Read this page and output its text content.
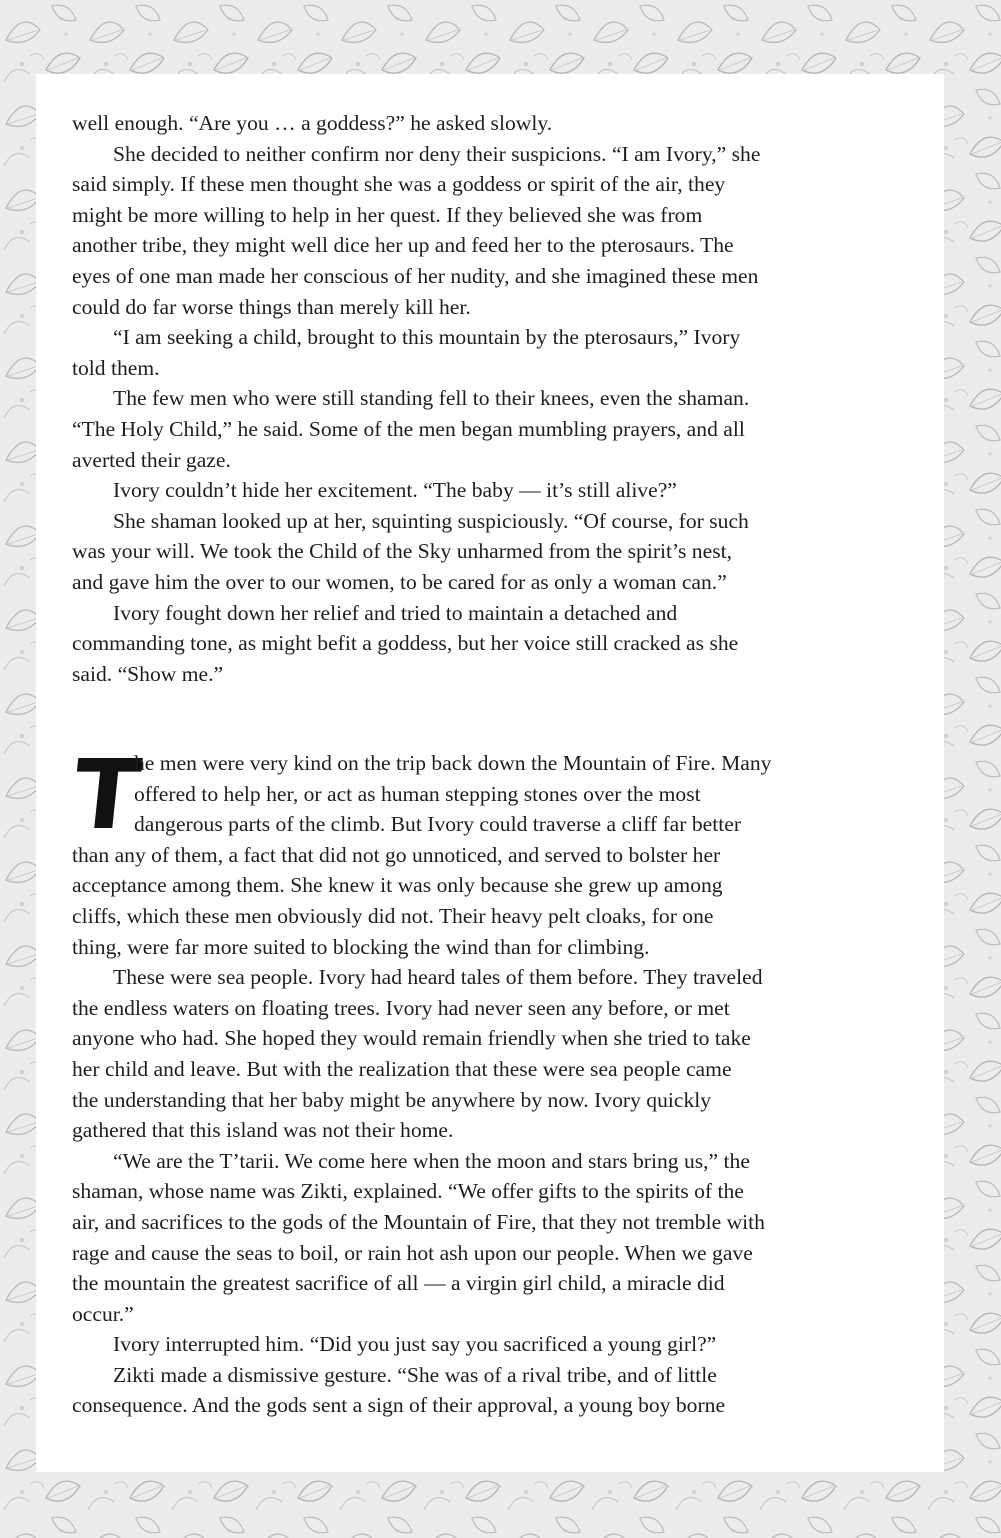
well enough. “Are you … a goddess?” he asked slowly.
She decided to neither confirm nor deny their suspicions. “I am Ivory,” she
said simply. If these men thought she was a goddess or spirit of the air, they
might be more willing to help in her quest. If they believed she was from
another tribe, they might well dice her up and feed her to the pterosaurs. The
eyes of one man made her conscious of her nudity, and she imagined these men
could do far worse things than merely kill her.
“I am seeking a child, brought to this mountain by the pterosaurs,” Ivory
told them.
The few men who were still standing fell to their knees, even the shaman.
“The Holy Child,” he said. Some of the men began mumbling prayers, and all
averted their gaze.
Ivory couldn’t hide her excitement. “The baby — it’s still alive?”
She shaman looked up at her, squinting suspiciously. “Of course, for such
was your will. We took the Child of the Sky unharmed from the spirit’s nest,
and gave him the over to our women, to be cared for as only a woman can.”
Ivory fought down her relief and tried to maintain a detached and
commanding tone, as might befit a goddess, but her voice still cracked as she
said. “Show me.”
T
he men were very kind on the trip back down the Mountain of Fire. Many
offered to help her, or act as human stepping stones over the most
dangerous parts of the climb. But Ivory could traverse a cliff far better
than any of them, a fact that did not go unnoticed, and served to bolster her
acceptance among them. She knew it was only because she grew up among
cliffs, which these men obviously did not. Their heavy pelt cloaks, for one
thing, were far more suited to blocking the wind than for climbing.
These were sea people. Ivory had heard tales of them before. They traveled
the endless waters on floating trees. Ivory had never seen any before, or met
anyone who had. She hoped they would remain friendly when she tried to take
her child and leave. But with the realization that these were sea people came
the understanding that her baby might be anywhere by now. Ivory quickly
gathered that this island was not their home.
“We are the T’tarii. We come here when the moon and stars bring us,” the
shaman, whose name was Zikti, explained. “We offer gifts to the spirits of the
air, and sacrifices to the gods of the Mountain of Fire, that they not tremble with
rage and cause the seas to boil, or rain hot ash upon our people. When we gave
the mountain the greatest sacrifice of all — a virgin girl child, a miracle did
occur.”
Ivory interrupted him. “Did you just say you sacrificed a young girl?”
Zikti made a dismissive gesture. “She was of a rival tribe, and of little
consequence. And the gods sent a sign of their approval, a young boy borne
